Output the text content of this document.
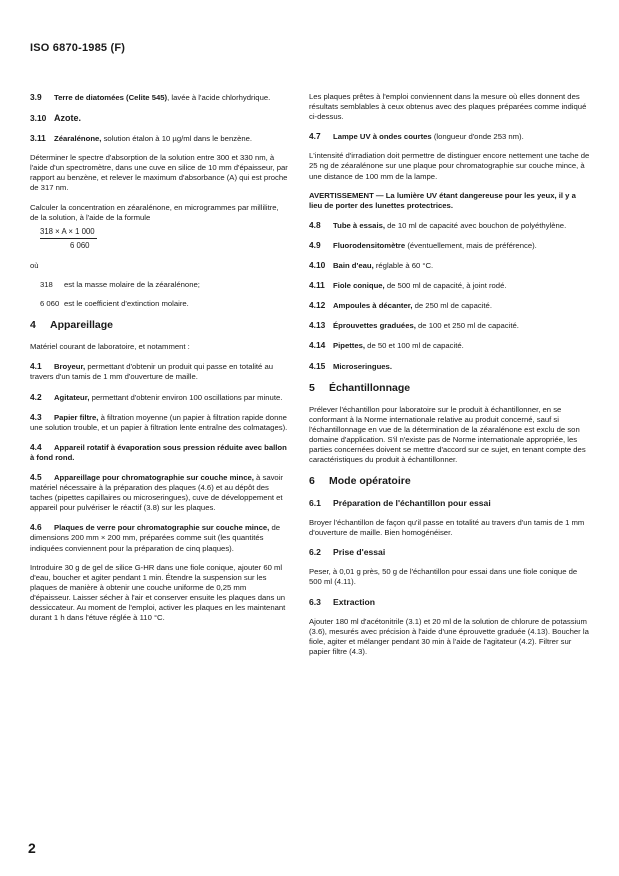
ISO 6870-1985 (F)

3.9 Terre de diatomées (Celite 545), lavée à l'acide chlorhydrique.

3.10 Azote.

3.11 Zéaralénone, solution étalon à 10 µg/ml dans le benzène.

Déterminer le spectre d'absorption de la solution entre 300 et 330 nm, à l'aide d'un spectromètre, dans une cuve en silice de 10 mm d'épaisseur, par rapport au benzène, et relever le maximum d'absorbance (A) qui est proche de 317 nm.

Calculer la concentration en zéaralénone, en microgrammes par millilitre, de la solution, à l'aide de la formule

318 × A × 1 000
6 060

où

318 est la masse molaire de la zéaralénone;
6 060 est le coefficient d'extinction molaire.
4 Appareillage

Matériel courant de laboratoire, et notamment :

4.1 Broyeur, permettant d'obtenir un produit qui passe en totalité au travers d'un tamis de 1 mm d'ouverture de maille.

4.2 Agitateur, permettant d'obtenir environ 100 oscillations par minute.

4.3 Papier filtre, à filtration moyenne (un papier à filtration rapide donne une solution trouble, et un papier à filtration lente entraîne des colmatages).

4.4 Appareil rotatif à évaporation sous pression réduite avec ballon à fond rond.

4.5 Appareillage pour chromatographie sur couche mince, à savoir matériel nécessaire à la préparation des plaques (4.6) et au dépôt des taches (pipettes capillaires ou microseringues), cuve de développement et appareil pour pulvériser le réactif (3.8) sur les plaques.

4.6 Plaques de verre pour chromatographie sur couche mince, de dimensions 200 mm × 200 mm, préparées comme suit (les quantités indiquées conviennent pour la préparation de cinq plaques).

Introduire 30 g de gel de silice G-HR dans une fiole conique, ajouter 60 ml d'eau, boucher et agiter pendant 1 min. Étendre la suspension sur les plaques de manière à obtenir une couche uniforme de 0,25 mm d'épaisseur. Laisser sécher à l'air et conserver ensuite les plaques dans un dessiccateur. Au moment de l'emploi, activer les plaques en les maintenant durant 1 h dans l'étuve réglée à 110 °C.

Les plaques prêtes à l'emploi conviennent dans la mesure où elles donnent des résultats semblables à ceux obtenus avec des plaques préparées comme indiqué ci-dessus.

4.7 Lampe UV à ondes courtes (longueur d'onde 253 nm).

L'intensité d'irradiation doit permettre de distinguer encore nettement une tache de 25 ng de zéaralénone sur une plaque pour chromatographie sur couche mince, à une distance de 100 mm de la lampe.

AVERTISSEMENT — La lumière UV étant dangereuse pour les yeux, il y a lieu de porter des lunettes protectrices.

4.8 Tube à essais, de 10 ml de capacité avec bouchon de polyéthylène.

4.9 Fluorodensitomètre (éventuellement, mais de préférence).

4.10 Bain d'eau, réglable à 60 °C.

4.11 Fiole conique, de 500 ml de capacité, à joint rodé.

4.12 Ampoules à décanter, de 250 ml de capacité.

4.13 Éprouvettes graduées, de 100 et 250 ml de capacité.

4.14 Pipettes, de 50 et 100 ml de capacité.

4.15 Microseringues.

5 Échantillonnage

Prélever l'échantillon pour laboratoire sur le produit à échantillonner, en se conformant à la Norme internationale relative au produit concerné, sauf si l'échantillonnage en vue de la détermination de la zéaralénone est exclu de son domaine d'application. S'il n'existe pas de Norme internationale appropriée, les parties concernées doivent se mettre d'accord sur ce sujet, en tenant compte des caractéristiques du produit à échantillonner.

6 Mode opératoire
6.1 Préparation de l'échantillon pour essai

Broyer l'échantillon de façon qu'il passe en totalité au travers d'un tamis de 1 mm d'ouverture de maille. Bien homogénéiser.

6.2 Prise d'essai

Peser, à 0,01 g près, 50 g de l'échantillon pour essai dans une fiole conique de 500 ml (4.11).

6.3 Extraction

Ajouter 180 ml d'acétonitrile (3.1) et 20 ml de la solution de chlorure de potassium (3.6), mesurés avec précision à l'aide d'une éprouvette graduée (4.13). Boucher la fiole, agiter et mélanger pendant 30 min à l'aide de l'agitateur (4.2). Filtrer sur papier filtre (4.3).

2
